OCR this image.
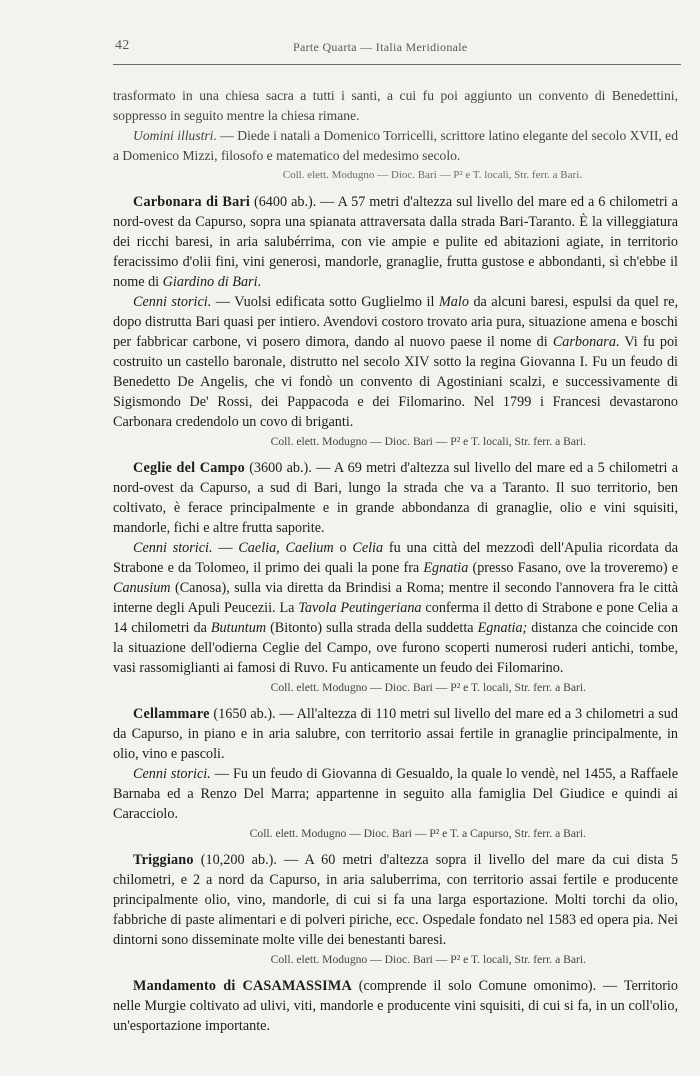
42	Parte Quarta — Italia Meridionale

trasformato in una chiesa sacra a tutti i santi, a cui fu poi aggiunto un convento di Benedettini, soppresso in seguito mentre la chiesa rimane.

Uomini illustri. — Diede i natali a Domenico Torricelli, scrittore latino elegante del secolo XVII, ed a Domenico Mizzi, filosofo e matematico del medesimo secolo.

Coll. elett. Modugno — Dioc. Bari — P² e T. locali, Str. ferr. a Bari.

Carbonara di Bari (6400 ab.). — A 57 metri d'altezza sul livello del mare ed a 6 chilometri a nord-ovest da Capurso, sopra una spianata attraversata dalla strada Bari-Taranto. È la villeggiatura dei ricchi baresi, in aria salubérrima, con vie ampie e pulite ed abitazioni agiate, in territorio feracissimo d'olii fini, vini generosi, mandorle, granaglie, frutta gustose e abbondanti, sì ch'ebbe il nome di Giardino di Bari.

Cenni storici. — Vuolsi edificata sotto Guglielmo il Malo da alcuni baresi, espulsi da quel re, dopo distrutta Bari quasi per intiero. Avendovi costoro trovato aria pura, situazione amena e boschi per fabbricar carbone, vi posero dimora, dando al nuovo paese il nome di Carbonara. Vi fu poi costruito un castello baronale, distrutto nel secolo XIV sotto la regina Giovanna I. Fu un feudo di Benedetto De Angelis, che vi fondò un convento di Agostiniani scalzi, e successivamente di Sigismondo De' Rossi, dei Pappacoda e dei Filomarino. Nel 1799 i Francesi devastarono Carbonara credendolo un covo di briganti.

Coll. elett. Modugno — Dioc. Bari — P² e T. locali, Str. ferr. a Bari.

Ceglie del Campo (3600 ab.). — A 69 metri d'altezza sul livello del mare ed a 5 chilometri a nord-ovest da Capurso, a sud di Bari, lungo la strada che va a Taranto. Il suo territorio, ben coltivato, è ferace principalmente e in grande abbondanza di granaglie, olio e vini squisiti, mandorle, fichi e altre frutta saporite.

Cenni storici. — Caelia, Caelium o Celia fu una città del mezzodì dell'Apulia ricordata da Strabone e da Tolomeo, il primo dei quali la pone fra Egnatia (presso Fasano, ove la troveremo) e Canusium (Canosa), sulla via diretta da Brindisi a Roma; mentre il secondo l'annovera fra le città interne degli Apuli Peucezii. La Tavola Peutingeriana conferma il detto di Strabone e pone Celia a 14 chilometri da Butuntum (Bitonto) sulla strada della suddetta Egnatia; distanza che coincide con la situazione dell'odierna Ceglie del Campo, ove furono scoperti numerosi ruderi antichi, tombe, vasi rassomiglianti ai famosi di Ruvo. Fu anticamente un feudo dei Filomarino.

Coll. elett. Modugno — Dioc. Bari — P² e T. locali, Str. ferr. a Bari.

Cellammare (1650 ab.). — All'altezza di 110 metri sul livello del mare ed a 3 chilometri a sud da Capurso, in piano e in aria salubre, con territorio assai fertile in granaglie principalmente, in olio, vino e pascoli.

Cenni storici. — Fu un feudo di Giovanna di Gesualdo, la quale lo vendè, nel 1455, a Raffaele Barnaba ed a Renzo Del Marra; appartenne in seguito alla famiglia Del Giudice e quindi ai Caracciolo.

Coll. elett. Modugno — Dioc. Bari — P² e T. a Capurso, Str. ferr. a Bari.

Triggiano (10,200 ab.). — A 60 metri d'altezza sopra il livello del mare da cui dista 5 chilometri, e 2 a nord da Capurso, in aria saluberrima, con territorio assai fertile e producente principalmente olio, vino, mandorle, di cui si fa una larga esportazione. Molti torchi da olio, fabbriche di paste alimentari e di polveri piriche, ecc. Ospedale fondato nel 1583 ed opera pia. Nei dintorni sono disseminate molte ville dei benestanti baresi.

Coll. elett. Modugno — Dioc. Bari — P² e T. locali, Str. ferr. a Bari.

Mandamento di CASAMASSIMA (comprende il solo Comune omonimo). — Territorio nelle Murgie coltivato ad ulivi, viti, mandorle e producente vini squisiti, di cui si fa, in un coll'olio, un'esportazione importante.
